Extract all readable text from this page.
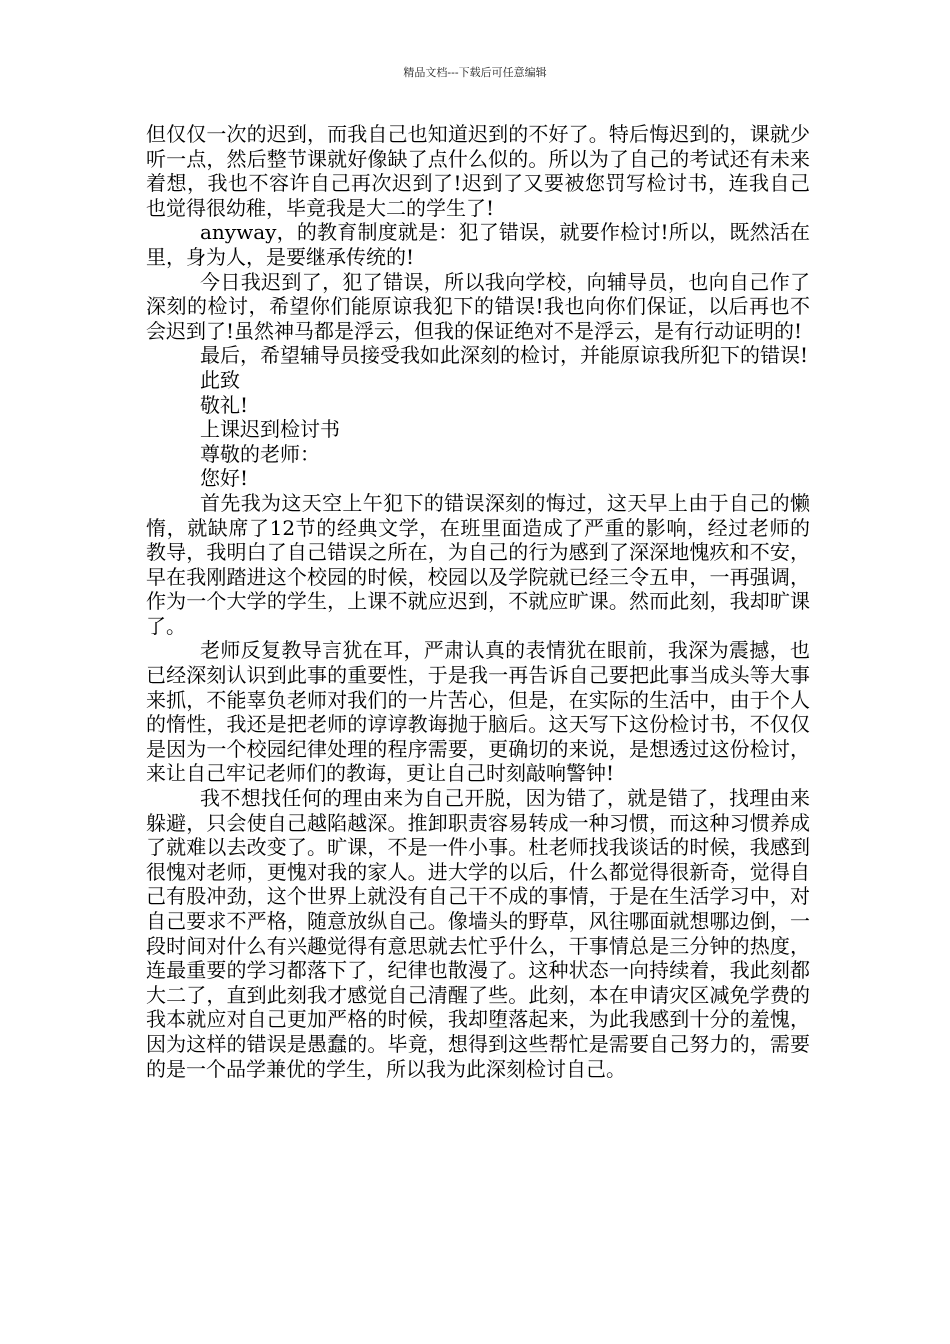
精品文档---下载后可任意编辑

但仅仅一次的迟到，而我自己也知道迟到的不好了。特后悔迟到的，课就少听一点，然后整节课就好像缺了点什么似的。所以为了自己的考试还有未来着想，我也不容许自己再次迟到了!迟到了又要被您罚写检讨书，连我自己也觉得很幼稚，毕竟我是大二的学生了!

anyway，的教育制度就是：犯了错误，就要作检讨!所以，既然活在里，身为人，是要继承传统的!

今日我迟到了，犯了错误，所以我向学校，向辅导员，也向自己作了深刻的检讨，希望你们能原谅我犯下的错误!我也向你们保证，以后再也不会迟到了!虽然神马都是浮云，但我的保证绝对不是浮云，是有行动证明的!

最后，希望辅导员接受我如此深刻的检讨，并能原谅我所犯下的错误!

此致

敬礼!

上课迟到检讨书

尊敬的老师：

您好!

首先我为这天空上午犯下的错误深刻的悔过，这天早上由于自己的懒惰，就缺席了12节的经典文学，在班里面造成了严重的影响，经过老师的教导，我明白了自己错误之所在，为自己的行为感到了深深地愧疚和不安，早在我刚踏进这个校园的时候，校园以及学院就已经三令五申，一再强调，作为一个大学的学生，上课不就应迟到，不就应旷课。然而此刻，我却旷课了。

老师反复教导言犹在耳，严肃认真的表情犹在眼前，我深为震撼，也已经深刻认识到此事的重要性，于是我一再告诉自己要把此事当成头等大事来抓，不能辜负老师对我们的一片苦心，但是，在实际的生活中，由于个人的惰性，我还是把老师的谆谆教诲抛于脑后。这天写下这份检讨书，不仅仅是因为一个校园纪律处理的程序需要，更确切的来说，是想透过这份检讨，来让自己牢记老师们的教诲，更让自己时刻敲响警钟!

我不想找任何的理由来为自己开脱，因为错了，就是错了，找理由来躲避，只会使自己越陷越深。推卸职责容易转成一种习惯，而这种习惯养成了就难以去改变了。旷课，不是一件小事。杜老师找我谈话的时候，我感到很愧对老师，更愧对我的家人。进大学的以后，什么都觉得很新奇，觉得自己有股冲劲，这个世界上就没有自己干不成的事情，于是在生活学习中，对自己要求不严格，随意放纵自己。像墙头的野草，风往哪面就想哪边倒，一段时间对什么有兴趣觉得有意思就去忙乎什么，干事情总是三分钟的热度，连最重要的学习都落下了，纪律也散漫了。这种状态一向持续着，我此刻都大二了，直到此刻我才感觉自己清醒了些。此刻，本在申请灾区减免学费的我本就应对自己更加严格的时候，我却堕落起来，为此我感到十分的羞愧，因为这样的错误是愚蠢的。毕竟，想得到这些帮忙是需要自己努力的，需要的是一个品学兼优的学生，所以我为此深刻检讨自己。
